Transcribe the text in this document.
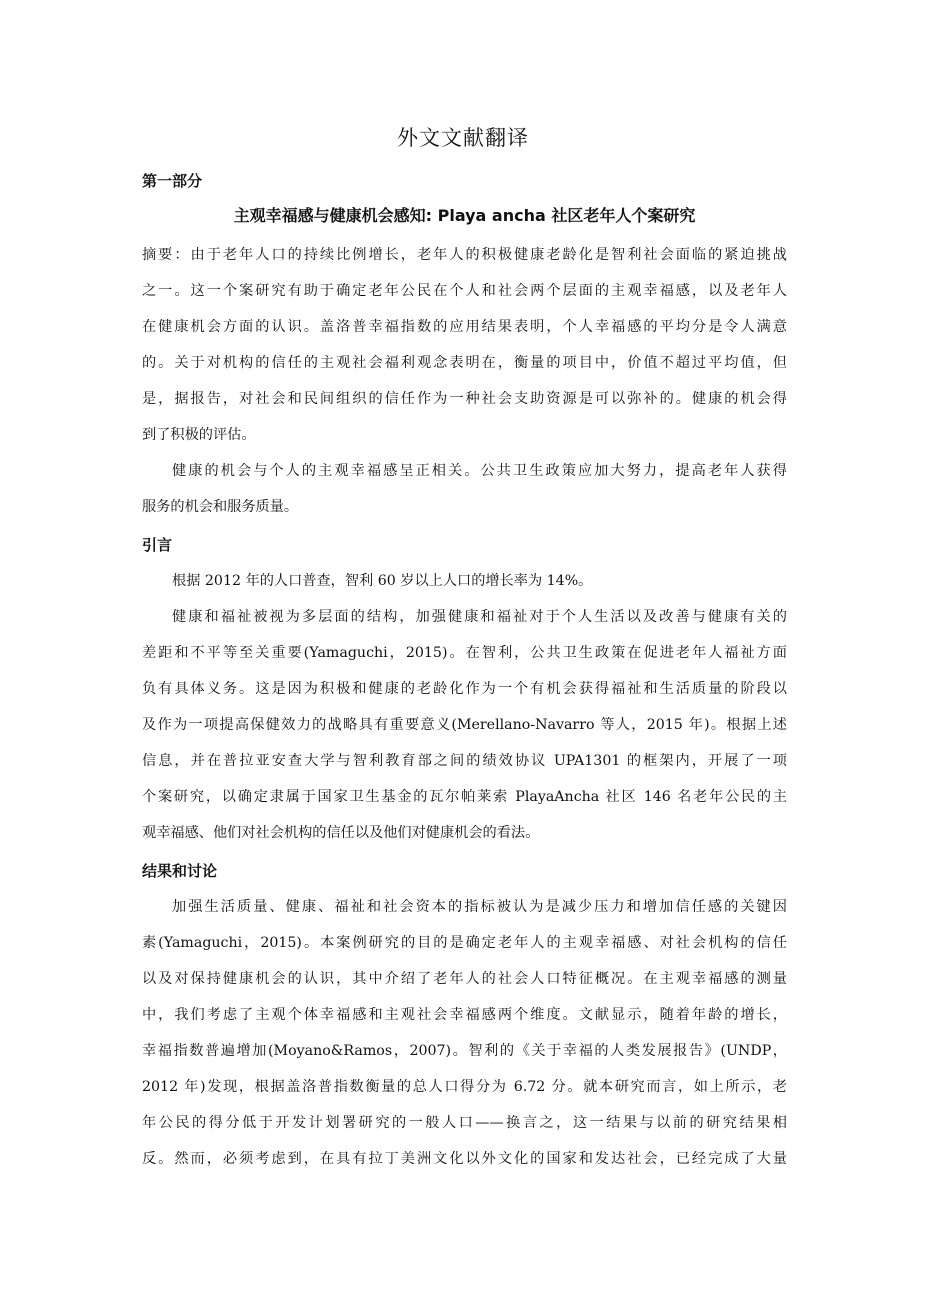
外文文献翻译
第一部分
主观幸福感与健康机会感知: Playa ancha 社区老年人个案研究
摘要：由于老年人口的持续比例增长，老年人的积极健康老龄化是智利社会面临的紧迫挑战
之一。这一个案研究有助于确定老年公民在个人和社会两个层面的主观幸福感，以及老年人
在健康机会方面的认识。盖洛普幸福指数的应用结果表明，个人幸福感的平均分是令人满意
的。关于对机构的信任的主观社会福利观念表明在，衡量的项目中，价值不超过平均值，但
是，据报告，对社会和民间组织的信任作为一种社会支助资源是可以弥补的。健康的机会得
到了积极的评估。
健康的机会与个人的主观幸福感呈正相关。公共卫生政策应加大努力，提高老年人获得
服务的机会和服务质量。
引言
根据 2012 年的人口普查，智利 60 岁以上人口的增长率为 14%。
健康和福祉被视为多层面的结构，加强健康和福祉对于个人生活以及改善与健康有关的
差距和不平等至关重要(Yamaguchi，2015)。在智利，公共卫生政策在促进老年人福祉方面
负有具体义务。这是因为积极和健康的老龄化作为一个有机会获得福祉和生活质量的阶段以
及作为一项提高保健效力的战略具有重要意义(Merellano-Navarro 等人，2015 年)。根据上述
信息，并在普拉亚安查大学与智利教育部之间的绩效协议 UPA1301 的框架内，开展了一项
个案研究，以确定隶属于国家卫生基金的瓦尔帕莱索 PlayaAncha 社区 146 名老年公民的主
观幸福感、他们对社会机构的信任以及他们对健康机会的看法。
结果和讨论
加强生活质量、健康、福祉和社会资本的指标被认为是减少压力和增加信任感的关键因
素(Yamaguchi，2015)。本案例研究的目的是确定老年人的主观幸福感、对社会机构的信任
以及对保持健康机会的认识，其中介绍了老年人的社会人口特征概况。在主观幸福感的测量
中，我们考虑了主观个体幸福感和主观社会幸福感两个维度。文献显示，随着年龄的增长，
幸福指数普遍增加(Moyano&Ramos，2007)。智利的《关于幸福的人类发展报告》(UNDP，
2012 年)发现，根据盖洛普指数衡量的总人口得分为 6.72 分。就本研究而言，如上所示，老
年公民的得分低于开发计划署研究的一般人口——换言之，这一结果与以前的研究结果相
反。然而，必须考虑到，在具有拉丁美洲文化以外文化的国家和发达社会，已经完成了大量
